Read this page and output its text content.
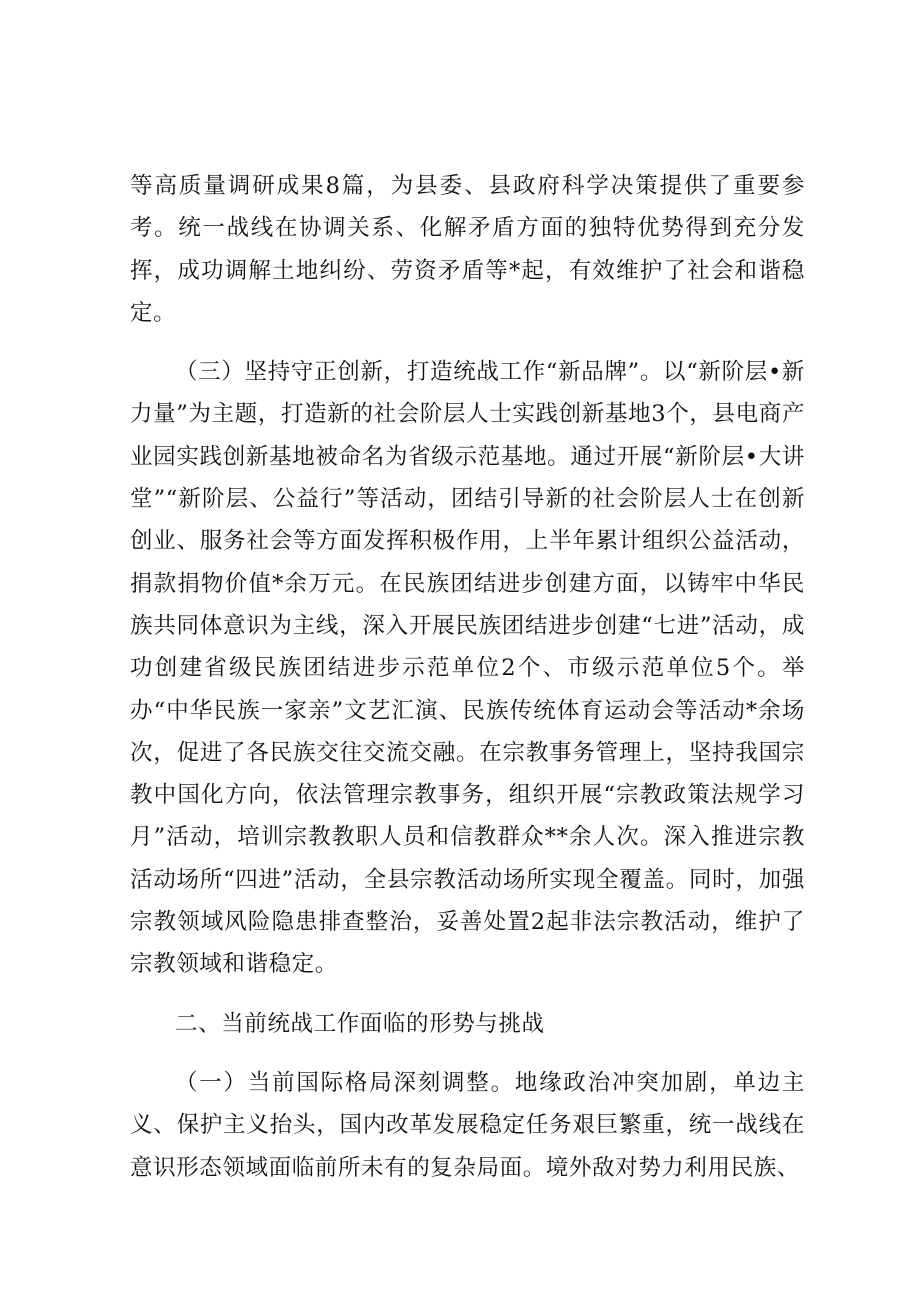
等高质量调研成果8篇，为县委、县政府科学决策提供了重要参考。统一战线在协调关系、化解矛盾方面的独特优势得到充分发挥，成功调解土地纠纷、劳资矛盾等*起，有效维护了社会和谐稳定。

（三）坚持守正创新，打造统战工作“新品牌”。以“新阶层•新力量”为主题，打造新的社会阶层人士实践创新基地3个，县电商产业园实践创新基地被命名为省级示范基地。通过开展“新阶层•大讲堂”“新阶层、公益行”等活动，团结引导新的社会阶层人士在创新创业、服务社会等方面发挥积极作用，上半年累计组织公益活动，捐款捐物价值*余万元。在民族团结进步创建方面，以铸牢中华民族共同体意识为主线，深入开展民族团结进步创建“七进”活动，成功创建省级民族团结进步示范单位2个、市级示范单位5个。举办“中华民族一家亲”文艺汇演、民族传统体育运动会等活动*余场次，促进了各民族交往交流交融。在宗教事务管理上，坚持我国宗教中国化方向，依法管理宗教事务，组织开展“宗教政策法规学习月”活动，培训宗教教职人员和信教群众**余人次。深入推进宗教活动场所“四进”活动，全县宗教活动场所实现全覆盖。同时，加强宗教领域风险隐患排查整治，妥善处置2起非法宗教活动，维护了宗教领域和谐稳定。

二、当前统战工作面临的形势与挑战

（一）当前国际格局深刻调整。地缘政治冲突加剧，单边主义、保护主义抬头，国内改革发展稳定任务艰巨繁重，统一战线在意识形态领域面临前所未有的复杂局面。境外敌对势力利用民族、
